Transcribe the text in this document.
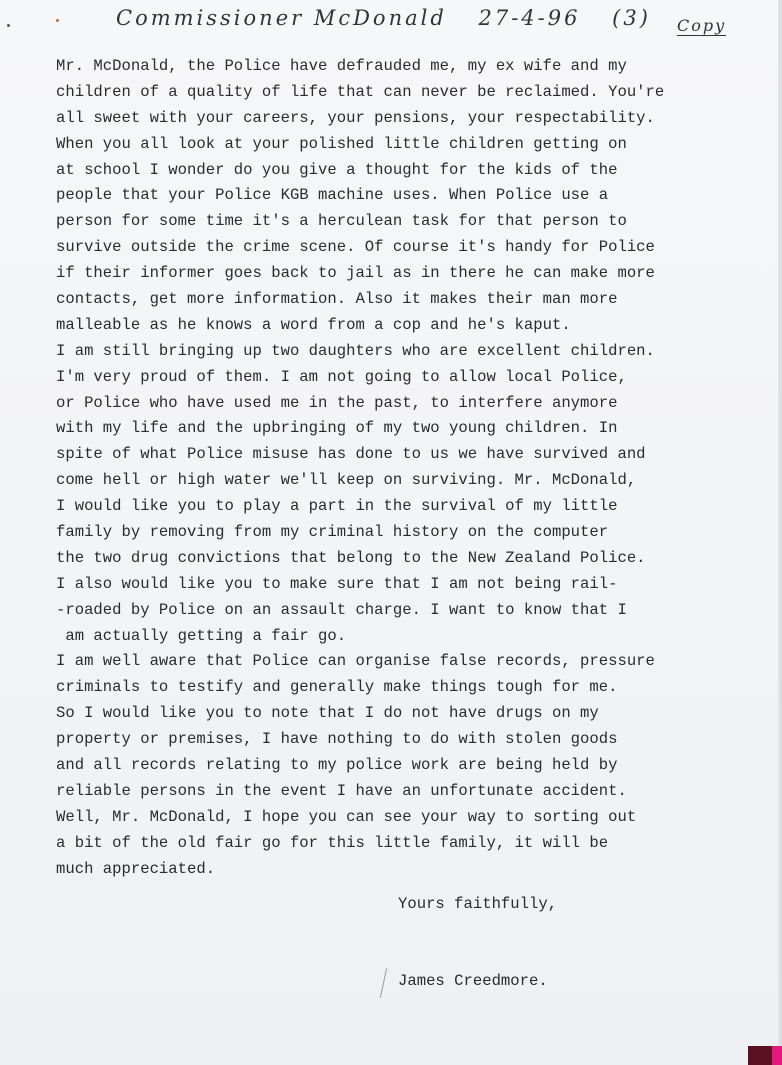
Commissioner McDonald 27-4-96 (3)	Copy
Mr. McDonald, the Police have defrauded me, my ex wife and my
children of a quality of life that can never be reclaimed. You're
all sweet with your careers, your pensions, your respectability.
When you all look at your polished little children getting on
at school I wonder do you give a thought for the kids of the
people that your Police KGB machine uses. When Police use a
person for some time it's a herculean task for that person to
survive outside the crime scene. Of course it's handy for Police
if their informer goes back to jail as in there he can make more
contacts, get more information. Also it makes their man more
malleable as he knows a word from a cop and he's kaput.
I am still bringing up two daughters who are excellent children.
I'm very proud of them. I am not going to allow local Police,
or Police who have used me in the past, to interfere anymore
with my life and the upbringing of my two young children. In
spite of what Police misuse has done to us we have survived and
come hell or high water we'll keep on surviving. Mr. McDonald,
I would like you to play a part in the survival of my little
family by removing from my criminal history on the computer
the two drug convictions that belong to the New Zealand Police.
I also would like you to make sure that I am not being rail-
-roaded by Police on an assault charge. I want to know that I
am actually getting a fair go.
I am well aware that Police can organise false records, pressure
criminals to testify and generally make things tough for me.
So I would like you to note that I do not have drugs on my
property or premises, I have nothing to do with stolen goods
and all records relating to my police work are being held by
reliable persons in the event I have an unfortunate accident.
Well, Mr. McDonald, I hope you can see your way to sorting out
a bit of the old fair go for this little family, it will be
much appreciated.
Yours faithfully,
James Creedmore.
